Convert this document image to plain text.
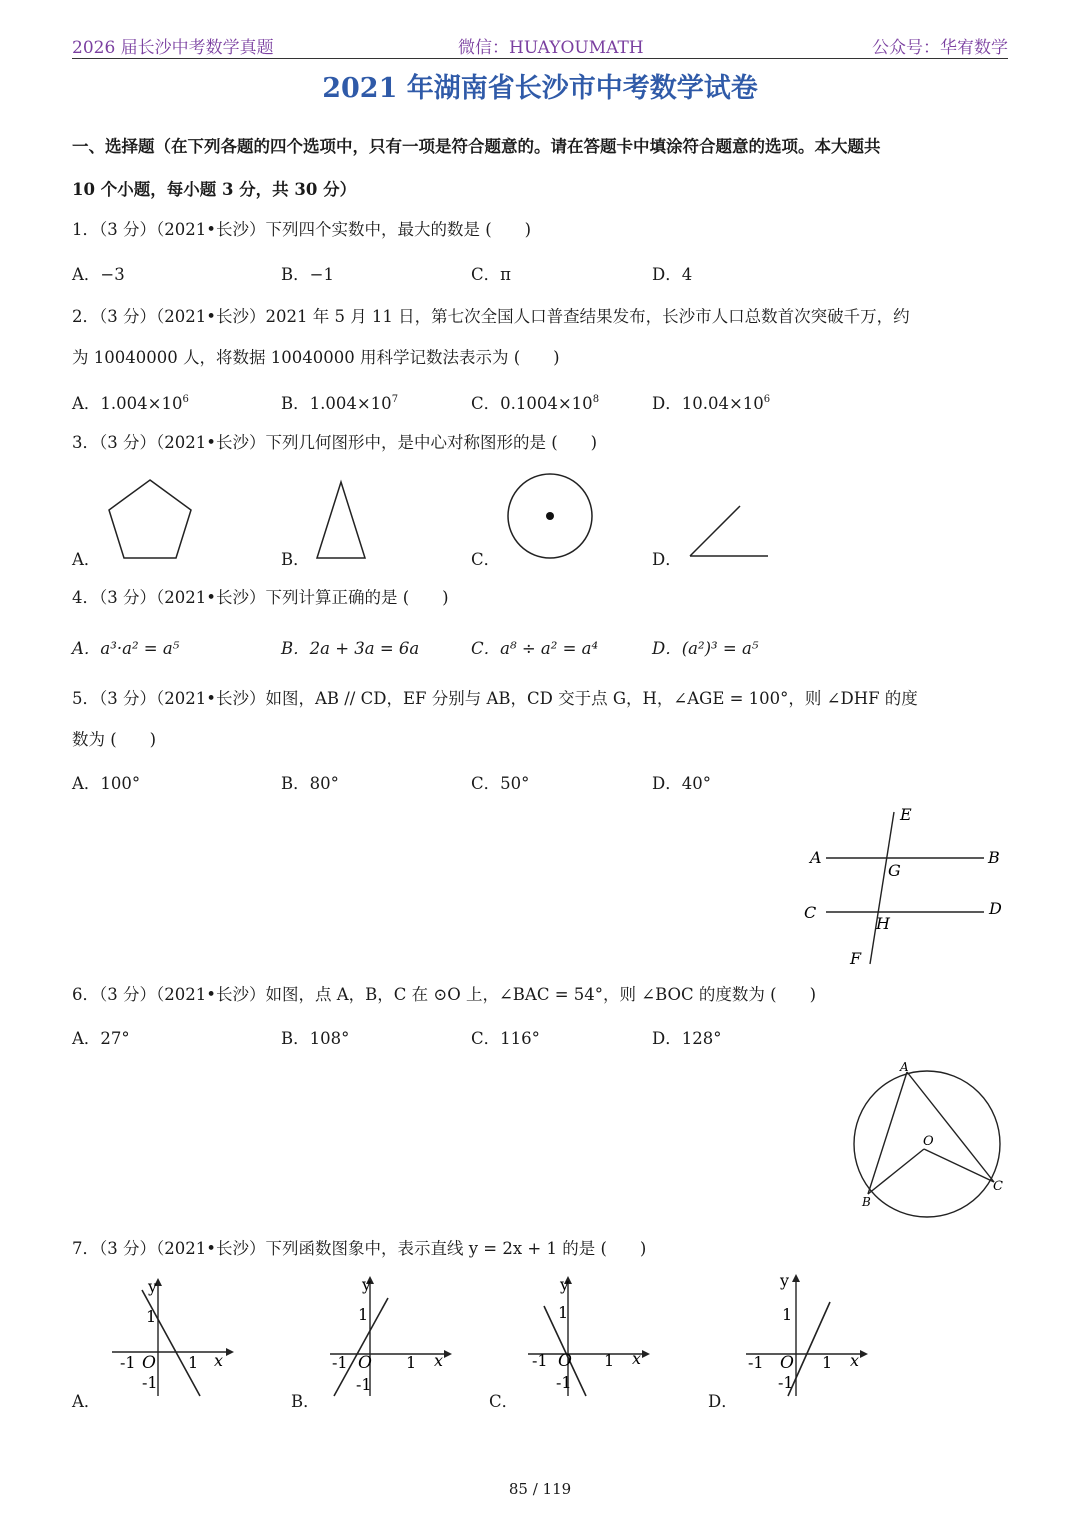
2026 届长沙中考数学真题	微信：HUAYOUMATH	公众号：华宥数学
2021 年湖南省长沙市中考数学试卷
一、选择题（在下列各题的四个选项中，只有一项是符合题意的。请在答题卡中填涂符合题意的选项。本大题共
10 个小题，每小题 3 分，共 30 分）
1．（3 分）（2021•长沙）下列四个实数中，最大的数是 (　　)
A．−3	B．−1	C．π	D．4
2．（3 分）（2021•长沙）2021 年 5 月 11 日，第七次全国人口普查结果发布，长沙市人口总数首次突破千万，约
为 10040000 人，将数据 10040000 用科学记数法表示为 (　　)
A．$1.004\times 10^6$	B．$1.004\times 10^7$	C．$0.1004\times 10^8$	D．$10.04\times 10^6$
3．（3 分）（2021•长沙）下列几何图形中，是中心对称图形的是 (　　)
A．	B．	C．	D．
4．（3 分）（2021•长沙）下列计算正确的是 (　　)
A．a³·a² = a⁵	B．2a + 3a = 6a	C．a⁸ ÷ a² = a⁴	D．(a²)³ = a⁵
5．（3 分）（2021•长沙）如图，AB // CD，EF 分别与 AB，CD 交于点 G，H，∠AGE = 100°，则 ∠DHF 的度
数为 (　　)
A．100°	B．80°	C．50°	D．40°
E
A	B
G
C	D
H
F
6．（3 分）（2021•长沙）如图，点 A，B，C 在 ⊙O 上，∠BAC = 54°，则 ∠BOC 的度数为 (　　)
A．27°	B．108°	C．116°	D．128°
A
O
B
C
7．（3 分）（2021•长沙）下列函数图象中，表示直线 y = 2x + 1 的是 (　　)
A．	B．	C．	D．
y
1
-1 O 1 x
-1
y
1
-1 O 1 x
-1
y
1
-1 O 1 x
-1
y
1
-1 O 1 x
-1
85 / 119
